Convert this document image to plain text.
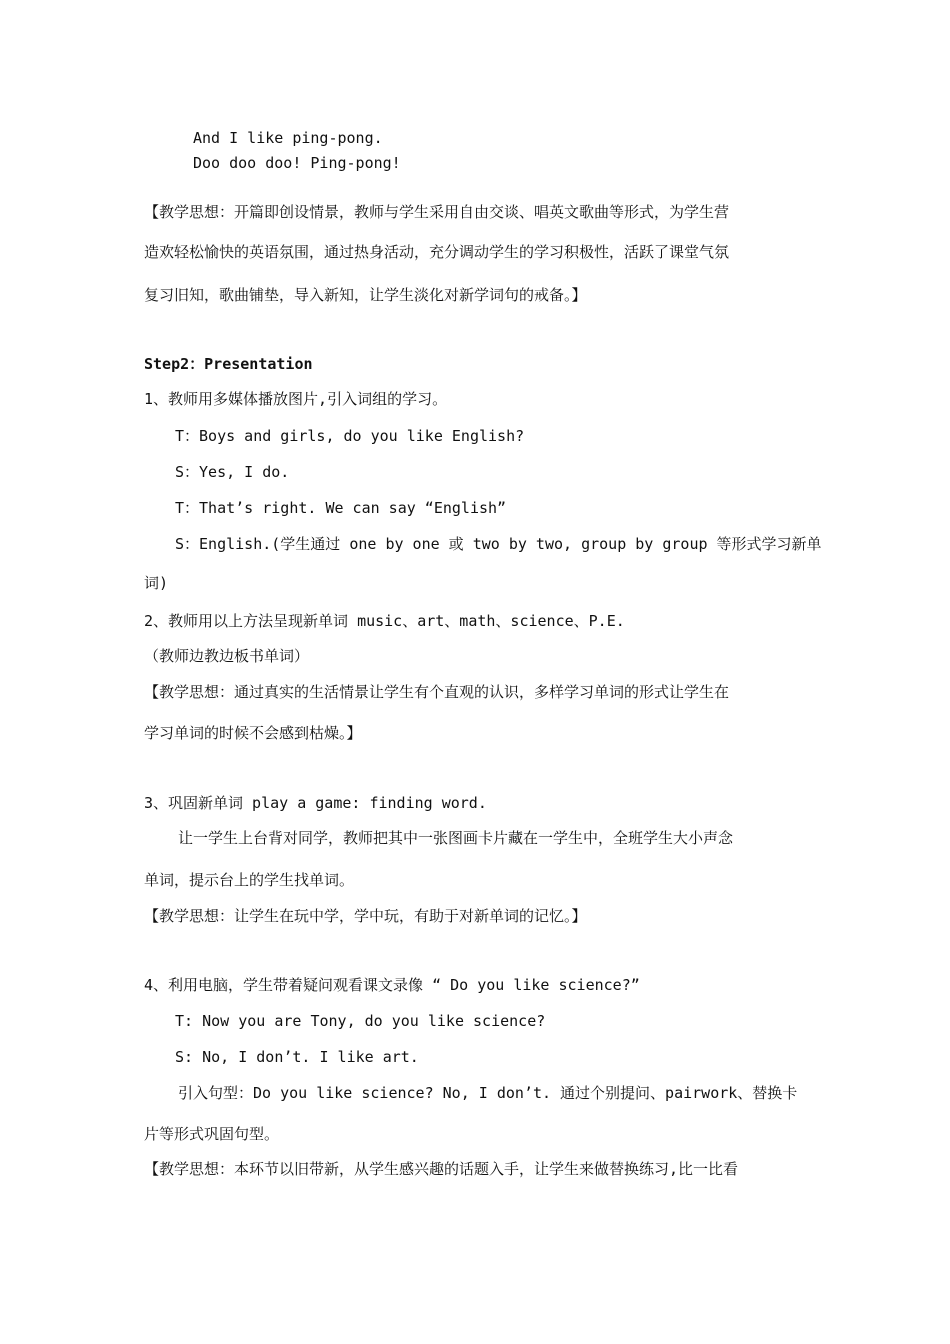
And I like ping-pong.
Doo doo doo! Ping-pong!
【教学思想：开篇即创设情景，教师与学生采用自由交谈、唱英文歌曲等形式，为学生营
造欢轻松愉快的英语氛围，通过热身活动，充分调动学生的学习积极性，活跃了课堂气氛
复习旧知，歌曲铺垫，导入新知，让学生淡化对新学词句的戒备。】
Step2：Presentation
1、教师用多媒体播放图片,引入词组的学习。
T：Boys and girls, do you like English?
S：Yes, I do.
T：That’s right. We can say “English”
S：English.(学生通过 one by one 或 two by two, group by group 等形式学习新单
词)
2、教师用以上方法呈现新单词 music、art、math、science、P.E.
（教师边教边板书单词）
【教学思想：通过真实的生活情景让学生有个直观的认识，多样学习单词的形式让学生在
学习单词的时候不会感到枯燥。】
3、巩固新单词 play a game: finding word.
让一学生上台背对同学，教师把其中一张图画卡片藏在一学生中，全班学生大小声念
单词，提示台上的学生找单词。
【教学思想：让学生在玩中学，学中玩，有助于对新单词的记忆。】
4、利用电脑，学生带着疑问观看课文录像 “ Do you like science?”
T: Now you are Tony, do you like science?
S: No, I don’t. I like art.
引入句型：Do you like science? No, I don’t. 通过个别提问、pairwork、替换卡
片等形式巩固句型。
【教学思想：本环节以旧带新，从学生感兴趣的话题入手，让学生来做替换练习,比一比看
